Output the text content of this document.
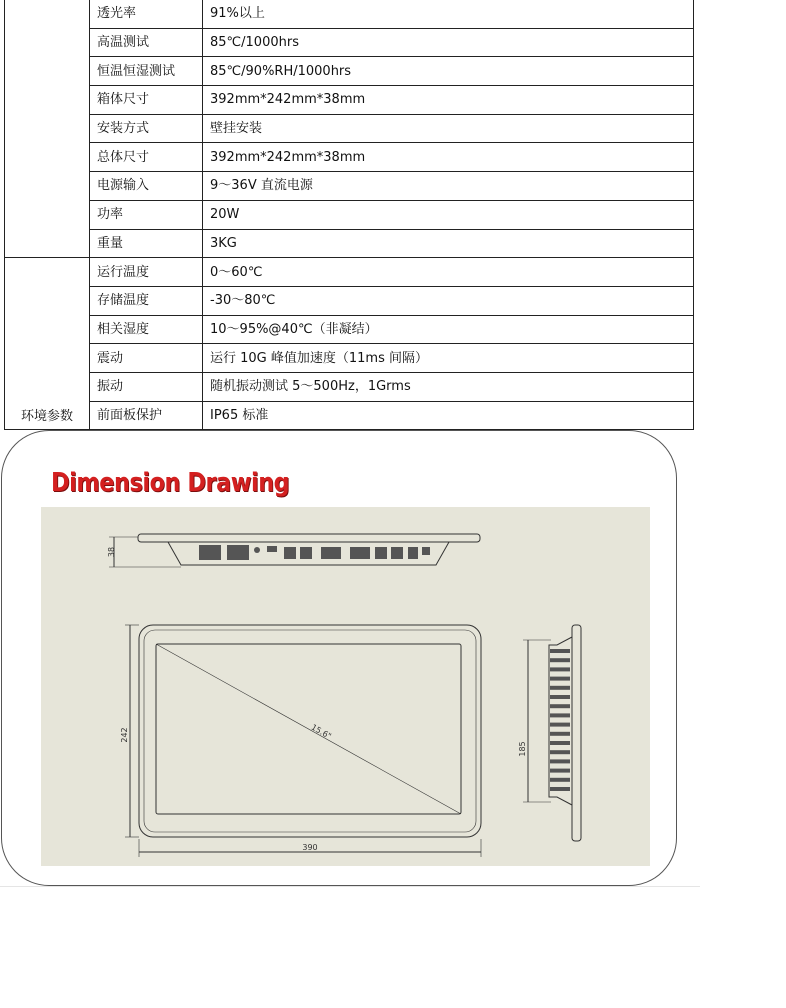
	透光率	91%以上
	高温测试	85℃/1000hrs
	恒温恒湿测试	85℃/90%RH/1000hrs
	箱体尺寸	392mm*242mm*38mm
	安装方式	壁挂安装
	总体尺寸	392mm*242mm*38mm
	电源输入	9～36V 直流电源
	功率	20W
	重量	3KG

环境参数	运行温度	0～60℃
	存储温度	-30～80℃
	相关湿度	10～95%@40℃（非凝结）
	震动	运行 10G 峰值加速度（11ms 间隔）
	振动	随机振动测试 5～500Hz，1Grms
	前面板保护	IP65 标准
Dimension Drawing
38
242
390
15.6"
185
